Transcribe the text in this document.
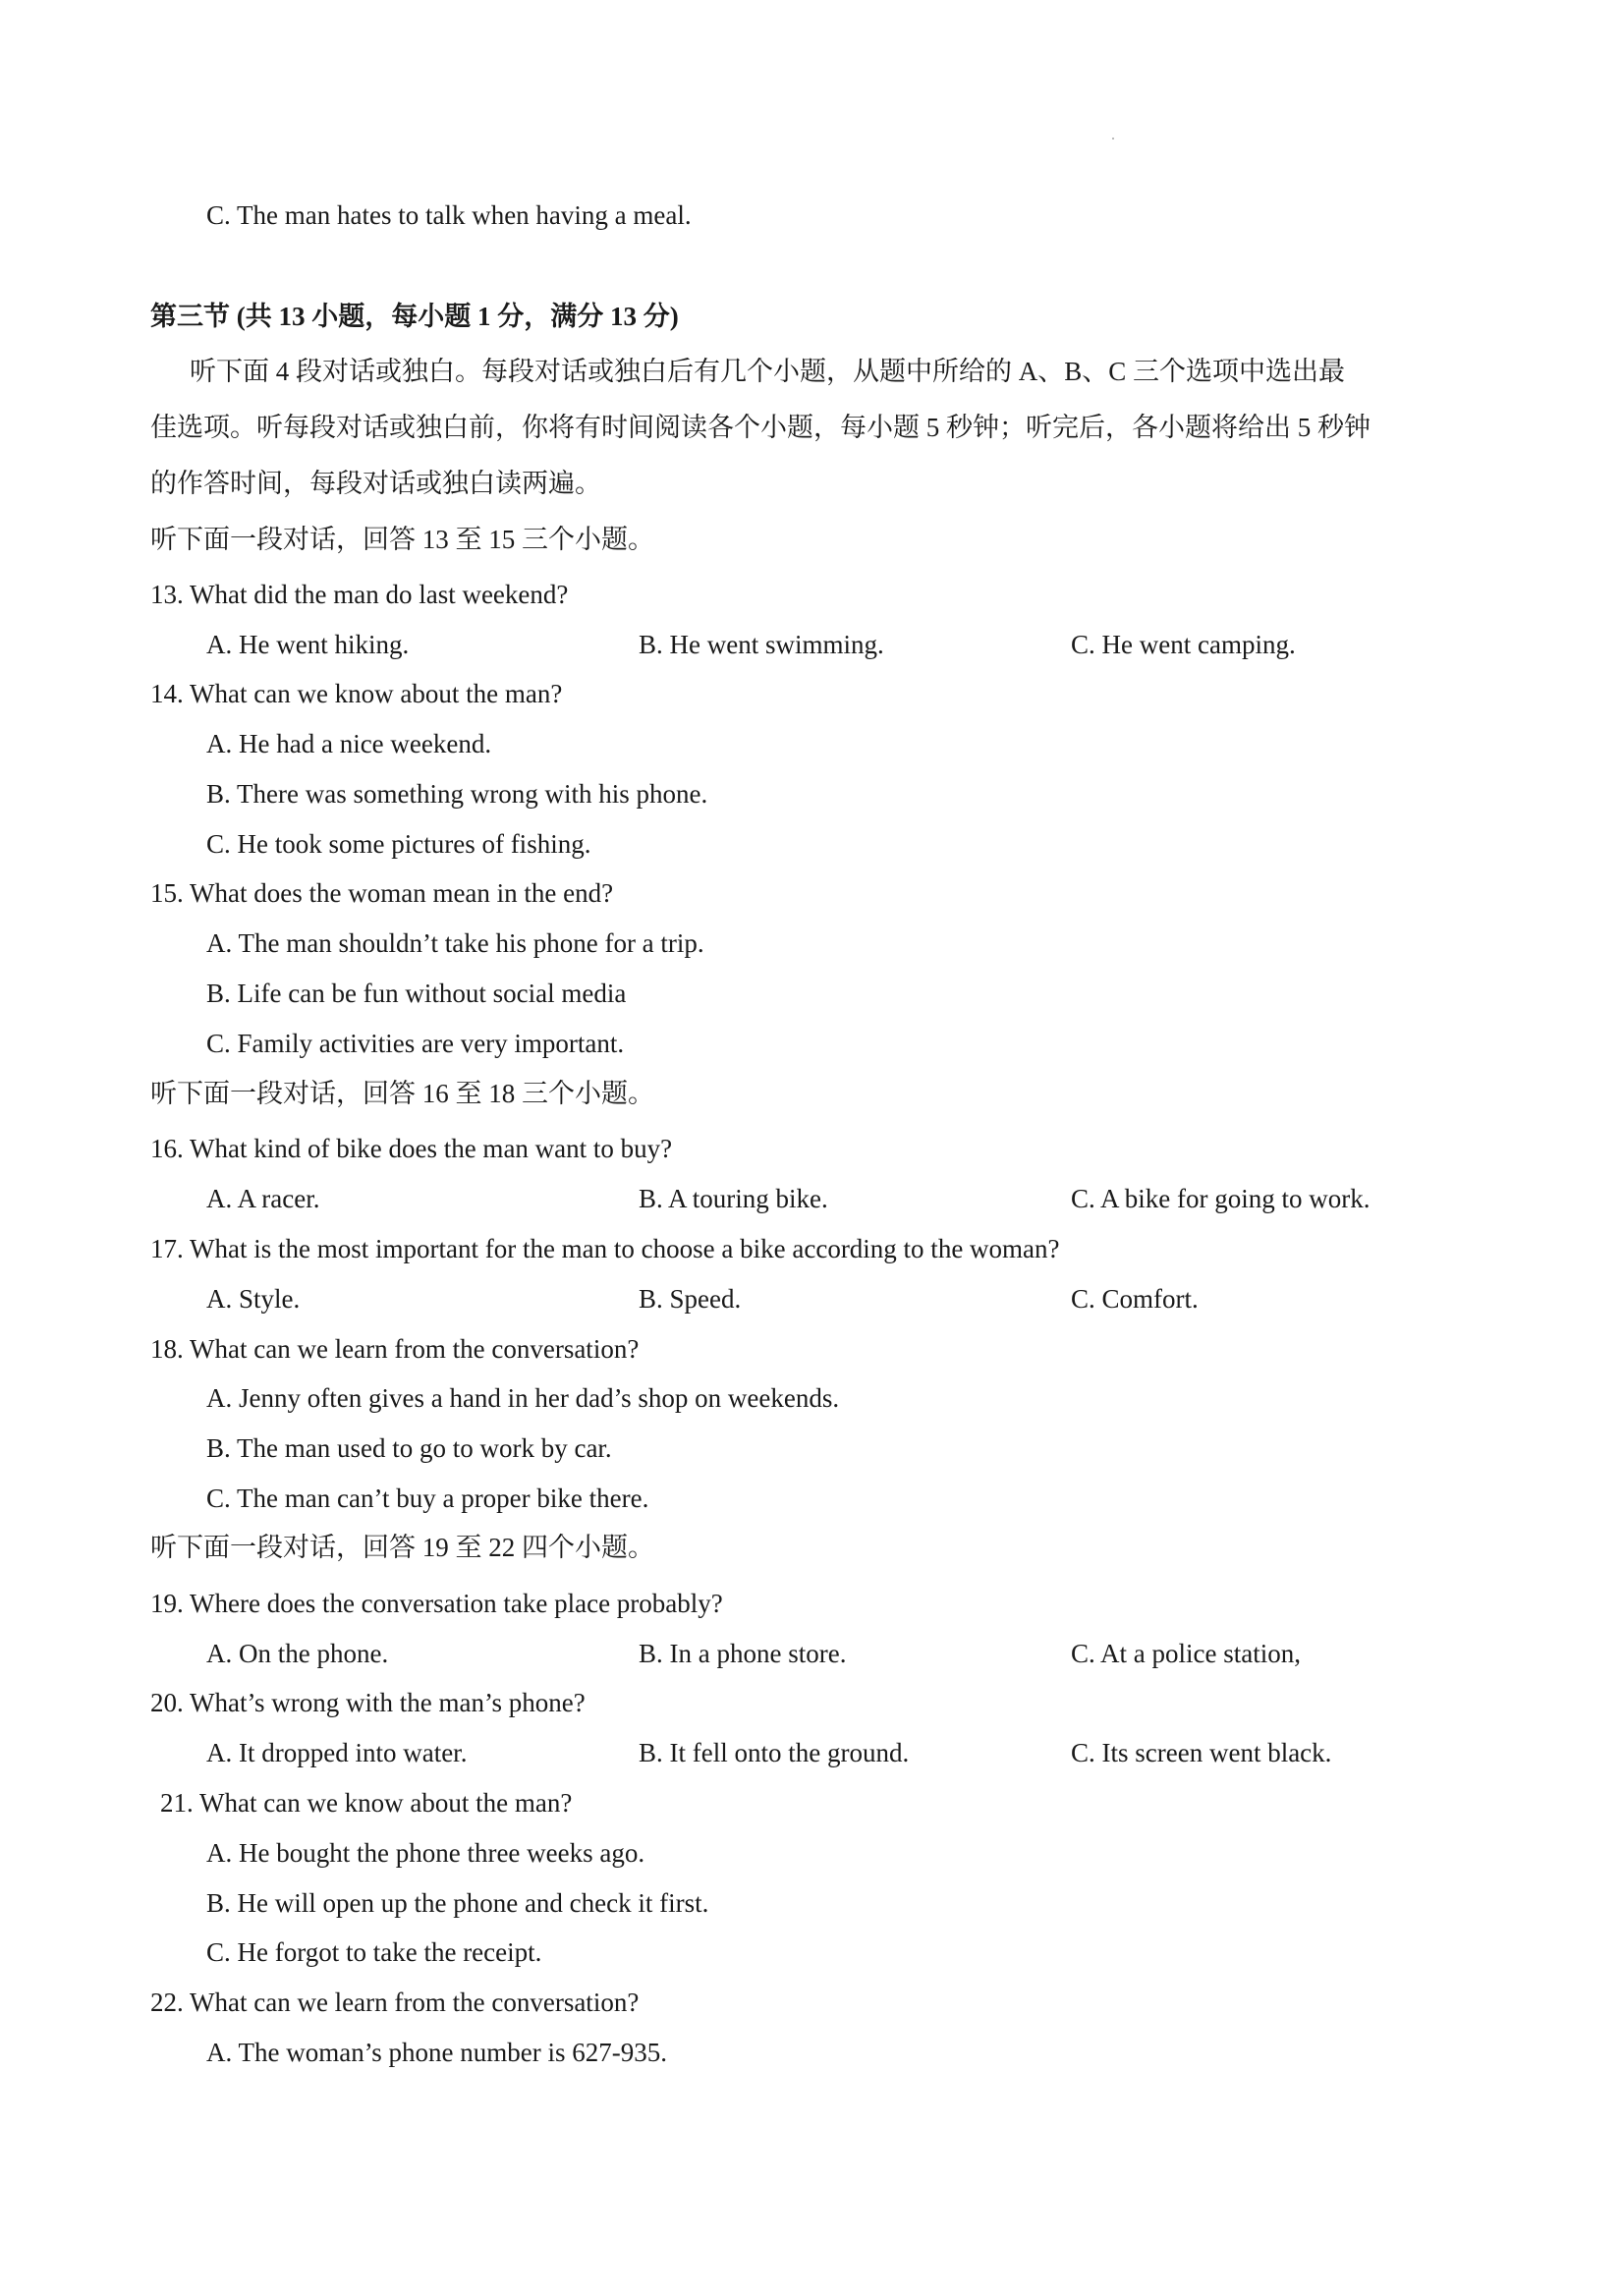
C. The man hates to talk when having a meal.
第三节 (共 13 小题，每小题 1 分，满分 13 分)
听下面 4 段对话或独白。每段对话或独白后有几个小题，从题中所给的 A、B、C 三个选项中选出最
佳选项。听每段对话或独白前，你将有时间阅读各个小题，每小题 5 秒钟；听完后，各小题将给出 5 秒钟
的作答时间，每段对话或独白读两遍。
听下面一段对话，回答 13 至 15 三个小题。
13. What did the man do last weekend?
A. He went hiking.	B. He went swimming.	C. He went camping.
14. What can we know about the man?
A. He had a nice weekend.
B. There was something wrong with his phone.
C. He took some pictures of fishing.
15. What does the woman mean in the end?
A. The man shouldn’t take his phone for a trip.
B. Life can be fun without social media
C. Family activities are very important.
听下面一段对话，回答 16 至 18 三个小题。
16. What kind of bike does the man want to buy?
A. A racer.	B. A touring bike.	C. A bike for going to work.
17. What is the most important for the man to choose a bike according to the woman?
A. Style.	B. Speed.	C. Comfort.
18. What can we learn from the conversation?
A. Jenny often gives a hand in her dad’s shop on weekends.
B. The man used to go to work by car.
C. The man can’t buy a proper bike there.
听下面一段对话，回答 19 至 22 四个小题。
19. Where does the conversation take place probably?
A. On the phone.	B. In a phone store.	C. At a police station,
20. What’s wrong with the man’s phone?
A. It dropped into water.	B. It fell onto the ground.	C. Its screen went black.
21. What can we know about the man?
A. He bought the phone three weeks ago.
B. He will open up the phone and check it first.
C. He forgot to take the receipt.
22. What can we learn from the conversation?
A. The woman’s phone number is 627-935.
